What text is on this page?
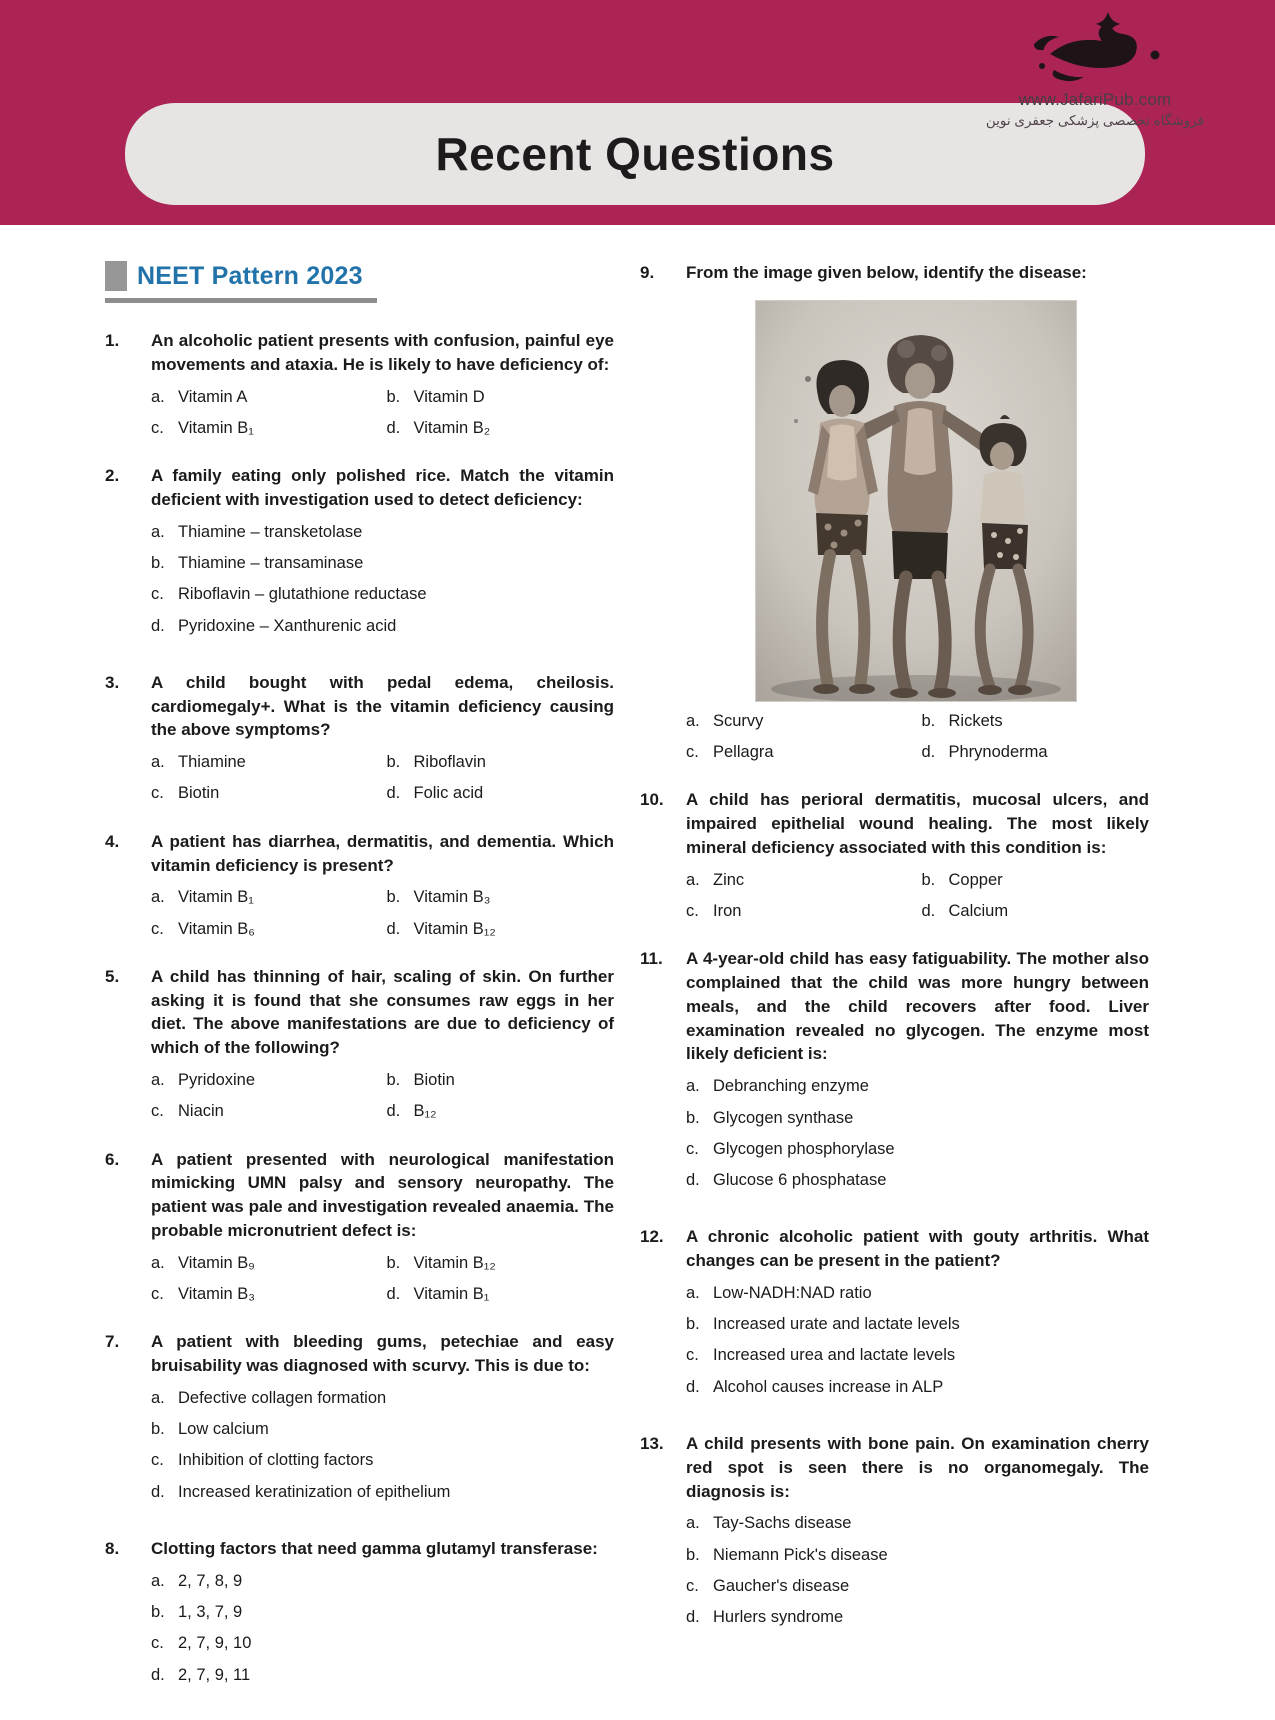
Recent Questions
www.JafariPub.com
فروشگاه تخصصی پزشکی جعفری نوین
NEET Pattern 2023
1.	An alcoholic patient presents with confusion, painful eye movements and ataxia. He is likely to have deficiency of:
a. Vitamin A	b. Vitamin D
c. Vitamin B₁	d. Vitamin B₂
2.	A family eating only polished rice. Match the vitamin deficient with investigation used to detect deficiency:
a. Thiamine – transketolase
b. Thiamine – transaminase
c. Riboflavin – glutathione reductase
d. Pyridoxine – Xanthurenic acid
3.	A child bought with pedal edema, cheilosis. cardiomegaly+. What is the vitamin deficiency causing the above symptoms?
a. Thiamine	b. Riboflavin
c. Biotin	d. Folic acid
4.	A patient has diarrhea, dermatitis, and dementia. Which vitamin deficiency is present?
a. Vitamin B₁	b. Vitamin B₃
c. Vitamin B₆	d. Vitamin B₁₂
5.	A child has thinning of hair, scaling of skin. On further asking it is found that she consumes raw eggs in her diet. The above manifestations are due to deficiency of which of the following?
a. Pyridoxine	b. Biotin
c. Niacin	d. B₁₂
6.	A patient presented with neurological manifestation mimicking UMN palsy and sensory neuropathy. The patient was pale and investigation revealed anaemia. The probable micronutrient defect is:
a. Vitamin B₉	b. Vitamin B₁₂
c. Vitamin B₃	d. Vitamin B₁
7.	A patient with bleeding gums, petechiae and easy bruisability was diagnosed with scurvy. This is due to:
a. Defective collagen formation
b. Low calcium
c. Inhibition of clotting factors
d. Increased keratinization of epithelium
8.	Clotting factors that need gamma glutamyl transferase:
a. 2, 7, 8, 9
b. 1, 3, 7, 9
c. 2, 7, 9, 10
d. 2, 7, 9, 11
9.	From the image given below, identify the disease:
a. Scurvy	b. Rickets
c. Pellagra	d. Phrynoderma
10.	A child has perioral dermatitis, mucosal ulcers, and impaired epithelial wound healing. The most likely mineral deficiency associated with this condition is:
a. Zinc	b. Copper
c. Iron	d. Calcium
11.	A 4-year-old child has easy fatiguability. The mother also complained that the child was more hungry between meals, and the child recovers after food. Liver examination revealed no glycogen. The enzyme most likely deficient is:
a. Debranching enzyme
b. Glycogen synthase
c. Glycogen phosphorylase
d. Glucose 6 phosphatase
12.	A chronic alcoholic patient with gouty arthritis. What changes can be present in the patient?
a. Low-NADH:NAD ratio
b. Increased urate and lactate levels
c. Increased urea and lactate levels
d. Alcohol causes increase in ALP
13.	A child presents with bone pain. On examination cherry red spot is seen there is no organomegaly. The diagnosis is:
a. Tay-Sachs disease
b. Niemann Pick's disease
c. Gaucher's disease
d. Hurlers syndrome
